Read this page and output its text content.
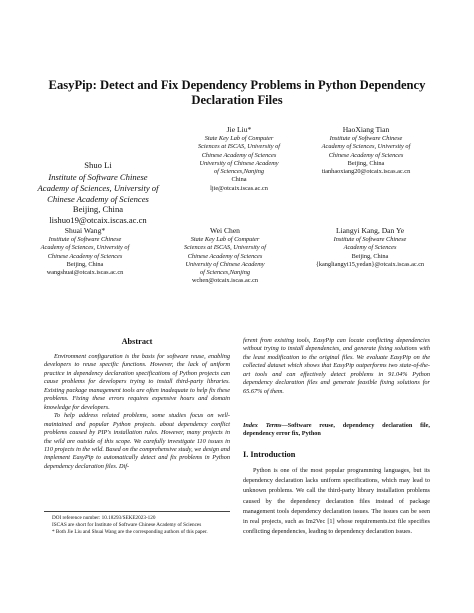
EasyPip: Detect and Fix Dependency Problems in Python Dependency Declaration Files
Shuo Li
Institute of Software Chinese
Academy of Sciences, University of
Chinese Academy of Sciences
Beijing, China
lishuo19@otcaix.iscas.ac.cn
Jie Liu*
State Key Lab of Computer
Sciences at ISCAS, University of
Chinese Academy of Sciences
University of Chinese Academy
of Sciences,Nanjing
China
ljie@otcaix.iscas.ac.cn
HaoXiang Tian
Institute of Software Chinese
Academy of Sciences, University of
Chinese Academy of Sciences
Beijing, China
tianhaoxiang20@otcaix.iscas.ac.cn
Shuai Wang*
Institute of Software Chinese
Academy of Sciences, University of
Chinese Academy of Sciences
Beijing, China
wangshuai@otcaix.iscas.ac.cn
Wei Chen
State Key Lab of Computer
Sciences at ISCAS, University of
Chinese Academy of Sciences
University of Chinese Academy
of Sciences,Nanjing
wchen@otcaix.iscas.ac.cn
Liangyi Kang, Dan Ye
Institute of Software Chinese
Academy of Sciences
Beijing, China
{kangliangyi15,yedan}@otcaix.iscas.ac.cn
Abstract

Environment configuration is the basis for software reuse, enabling developers to reuse specific functions. However, the lack of uniform practice in dependency declaration specifications of Python projects can cause problems for developers trying to install third-party libraries. Existing package management tools are often inadequate to help fix these problems. Fixing these errors requires expensive hours and domain knowledge for developers.

To help address related problems, some studies focus on well-maintained and popular Python projects. about dependency conflict problems caused by PIP's installation rules. However, many projects in the wild are outside of this scope. We carefully investigate 110 issues in 110 projects in the wild. Based on the comprehensive study, we design and implement EasyPip to automatically detect and fix problems in Python dependency declaration files. Dif-

ferent from existing tools, EasyPip can locate conflicting dependencies without trying to install dependencies, and generate fixing solutions with the least modification to the original files. We evaluate EasyPip on the collected dataset which shows that EasyPip outperforms two state-of-the-art tools and can effectively detect problems in 91.04% Python dependency declaration files and generate feasible fixing solutions for 65.67% of them.

Index Terms—Software reuse, dependency declaration file, dependency error fix, Python
I. Introduction

Python is one of the most popular programming languages, but its dependency declaration lacks uniform specifications, which may lead to unknown problems. We call the third-party library installation problems caused by the dependency declaration files instead of package management tools dependency declaration issues. The issues can be seen in real projects, such as Im2Vec [1] whose requirements.txt file specifies conflicting dependencies, leading to dependency declaration issues.

DOI reference number: 10.18293/SEKE2023-120

ISCAS are short for Institute of Software Chinese Academy of Sciences

* Both Jie Liu and Shuai Wang are the corresponding authors of this paper.
